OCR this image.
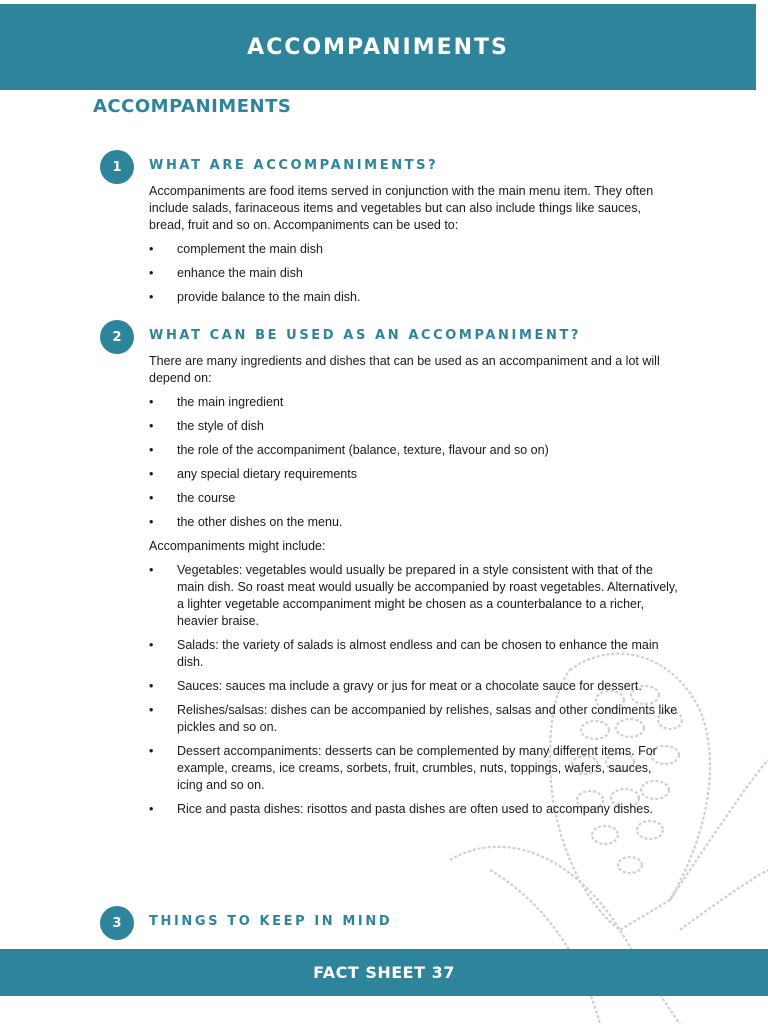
ACCOMPANIMENTS
ACCOMPANIMENTS
1	WHAT ARE ACCOMPANIMENTS?

Accompaniments are food items served in conjunction with the main menu item. They often include salads, farinaceous items and vegetables but can also include things like sauces, bread, fruit and so on. Accompaniments can be used to:

• complement the main dish
• enhance the main dish
• provide balance to the main dish.
2	WHAT CAN BE USED AS AN ACCOMPANIMENT?

There are many ingredients and dishes that can be used as an accompaniment and a lot will depend on:

• the main ingredient
• the style of dish
• the role of the accompaniment (balance, texture, flavour and so on)
• any special dietary requirements
• the course
• the other dishes on the menu.

Accompaniments might include:

• Vegetables: vegetables would usually be prepared in a style consistent with that of the main dish. So roast meat would usually be accompanied by roast vegetables. Alternatively, a lighter vegetable accompaniment might be chosen as a counterbalance to a richer, heavier braise.
• Salads: the variety of salads is almost endless and can be chosen to enhance the main dish.
• Sauces: sauces ma include a gravy or jus for meat or a chocolate sauce for dessert.
• Relishes/salsas: dishes can be accompanied by relishes, salsas and other condiments like pickles and so on.
• Dessert accompaniments: desserts can be complemented by many different items. For example, creams, ice creams, sorbets, fruit, crumbles, nuts, toppings, wafers, sauces, icing and so on.
• Rice and pasta dishes: risottos and pasta dishes are often used to accompany dishes.
3	THINGS TO KEEP IN MIND
FACT SHEET 37
